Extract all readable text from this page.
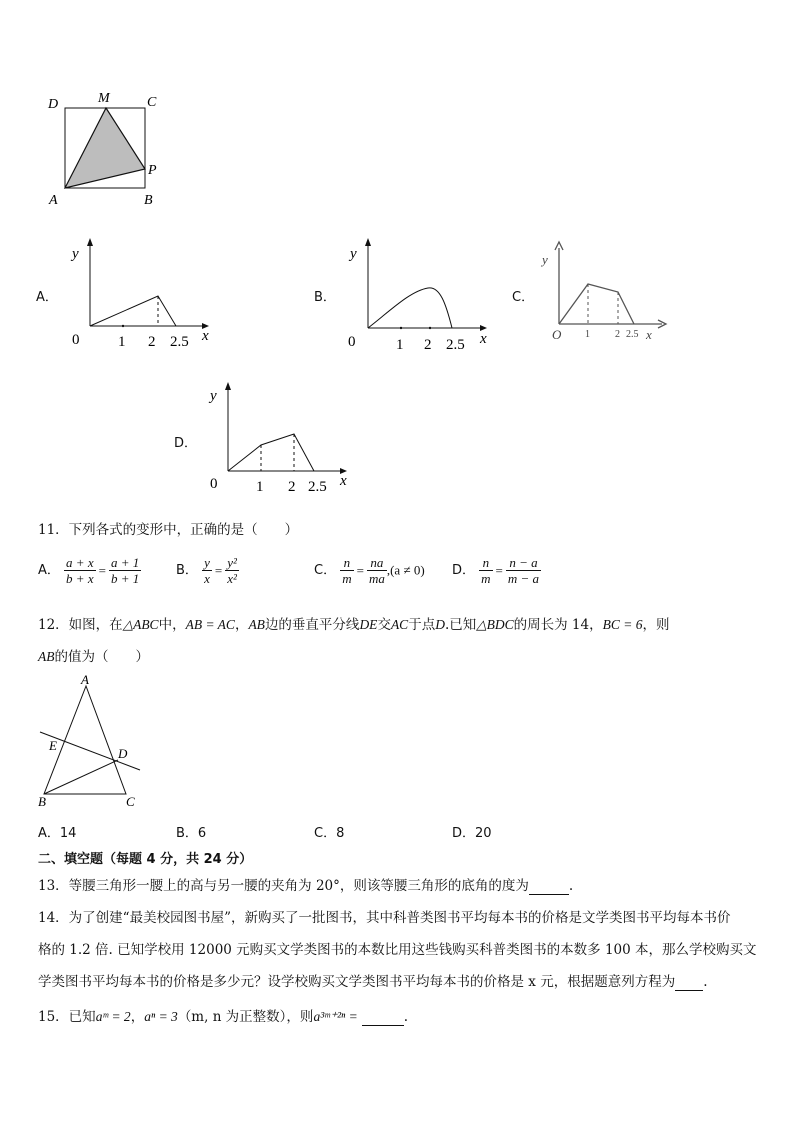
D	M	C
P
A	B
A．
y
0	1 2 2.5 x
B．
y
0	1 2 2.5 x
C．
y
O 1	2 2.5 x
D．
y
0	1 2 2.5 x
11．下列各式的变形中，正确的是（　　）
A． $\frac{a + x}{b + x} = \frac{a + 1}{b + 1}$	B． $\frac{y}{x} = \frac{\text{y²}}{\text{x²}}$	C． $\frac{n}{m} = \frac{na}{ma} ,(a \ne 0)$ D． $\frac{n}{m} = \frac{n - a}{m - a}$
12．如图，在△ABC中，AB = AC，AB边的垂直平分线DE交AC于点D.已知△BDC的周长为 14，BC = 6，则
AB的值为（　　）
A
E
D
B	C
A．14	B．6	C．8	D．20
二、填空题（每题 4 分，共 24 分）
13．等腰三角形一腰上的高与另一腰的夹角为 20°，则该等腰三角形的底角的度为	.
14．为了创建“最美校园图书屋”，新购买了一批图书，其中科普类图书平均每本书的价格是文学类图书平均每本书价
格的 1.2 倍. 已知学校用 12000 元购买文学类图书的本数比用这些钱购买科普类图书的本数多 100 本，那么学校购买文
学类图书平均每本书的价格是多少元？设学校购买文学类图书平均每本书的价格是 x 元，根据题意列方程为 .
15．已知aᵐ = 2，aⁿ = 3（m, n 为正整数），则a³ᵐ⁺²ⁿ =	.
